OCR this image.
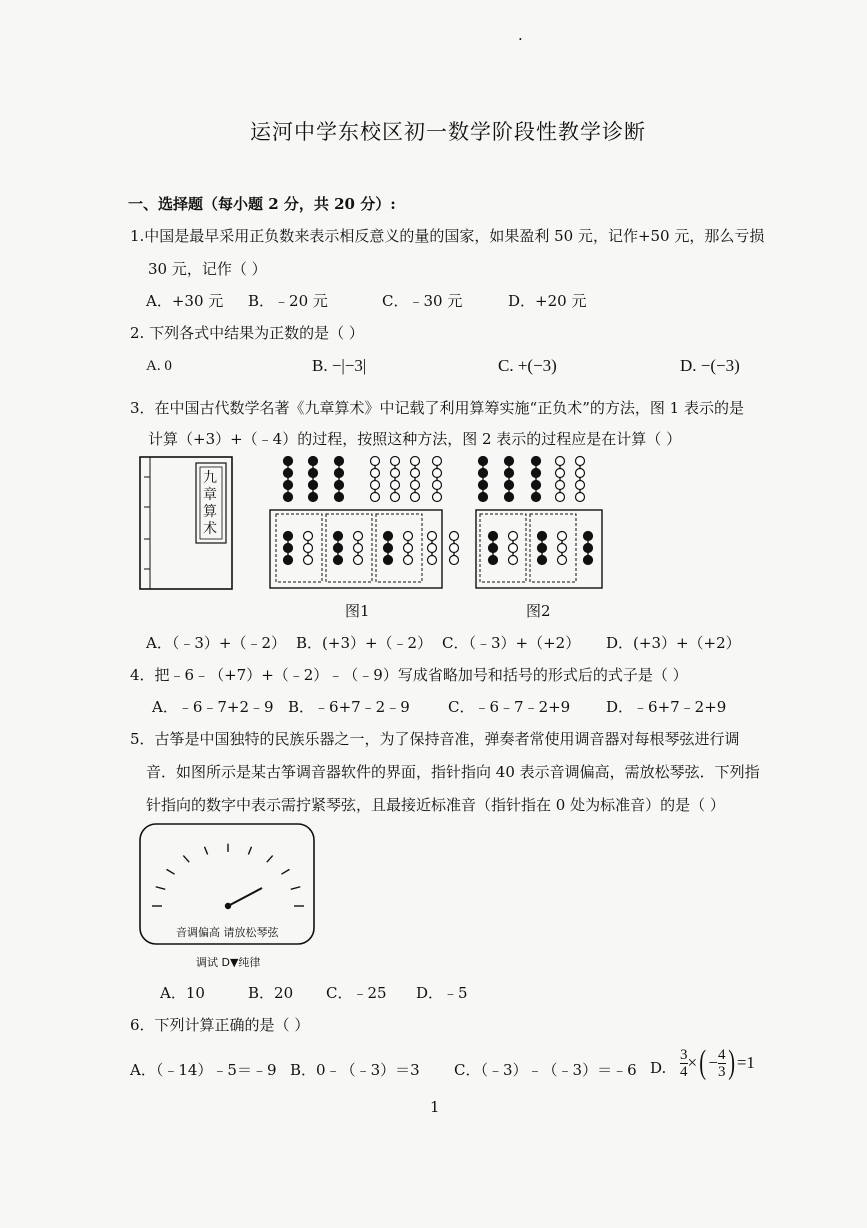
·
运河中学东校区初一数学阶段性教学诊断
一、选择题（每小题 2 分，共 20 分）:
1.中国是最早采用正负数来表示相反意义的量的国家，如果盈利 50 元，记作+50 元，那么亏损
30 元，记作（ ）
A．+30 元 B．﹣20 元	C．﹣30 元	D．+20 元
2. 下列各式中结果为正数的是（ ）
A. 0	B. −|−3|	C. +(−3)	D. −(−3)
3．在中国古代数学名著《九章算术》中记载了利用算筹实施“正负术”的方法，图 1 表示的是
计算（+3）+（﹣4）的过程，按照这种方法，图 2 表示的过程应是在计算（ ）
九章算术
图1	图2
A．（﹣3）+（﹣2） B．(+3）+（﹣2） C．（﹣3）+（+2） D．(+3）+（+2）
4．把﹣6﹣（+7）+（﹣2）﹣（﹣9）写成省略加号和括号的形式后的式子是（ ）
A．﹣6﹣7+2﹣9 B．﹣6+7﹣2﹣9	C．﹣6﹣7﹣2+9 D．﹣6+7﹣2+9
5．古筝是中国独特的民族乐器之一，为了保持音准，弹奏者常使用调音器对每根琴弦进行调
音．如图所示是某古筝调音器软件的界面，指针指向 40 表示音调偏高，需放松琴弦．下列指
针指向的数字中表示需拧紧琴弦，且最接近标准音（指针指在 0 处为标准音）的是（ ）
音调偏高 请放松琴弦
调试 D▼纯律
A．10	B．20 C．﹣25 D．﹣5
6．下列计算正确的是（ ）
A．（﹣14）﹣5＝﹣9 B．0﹣（﹣3）＝3 C．（﹣3）﹣（﹣3）＝﹣6 D. $\frac{3}{4}$ × ( − $\frac{4}{3}$ ) =1
1
